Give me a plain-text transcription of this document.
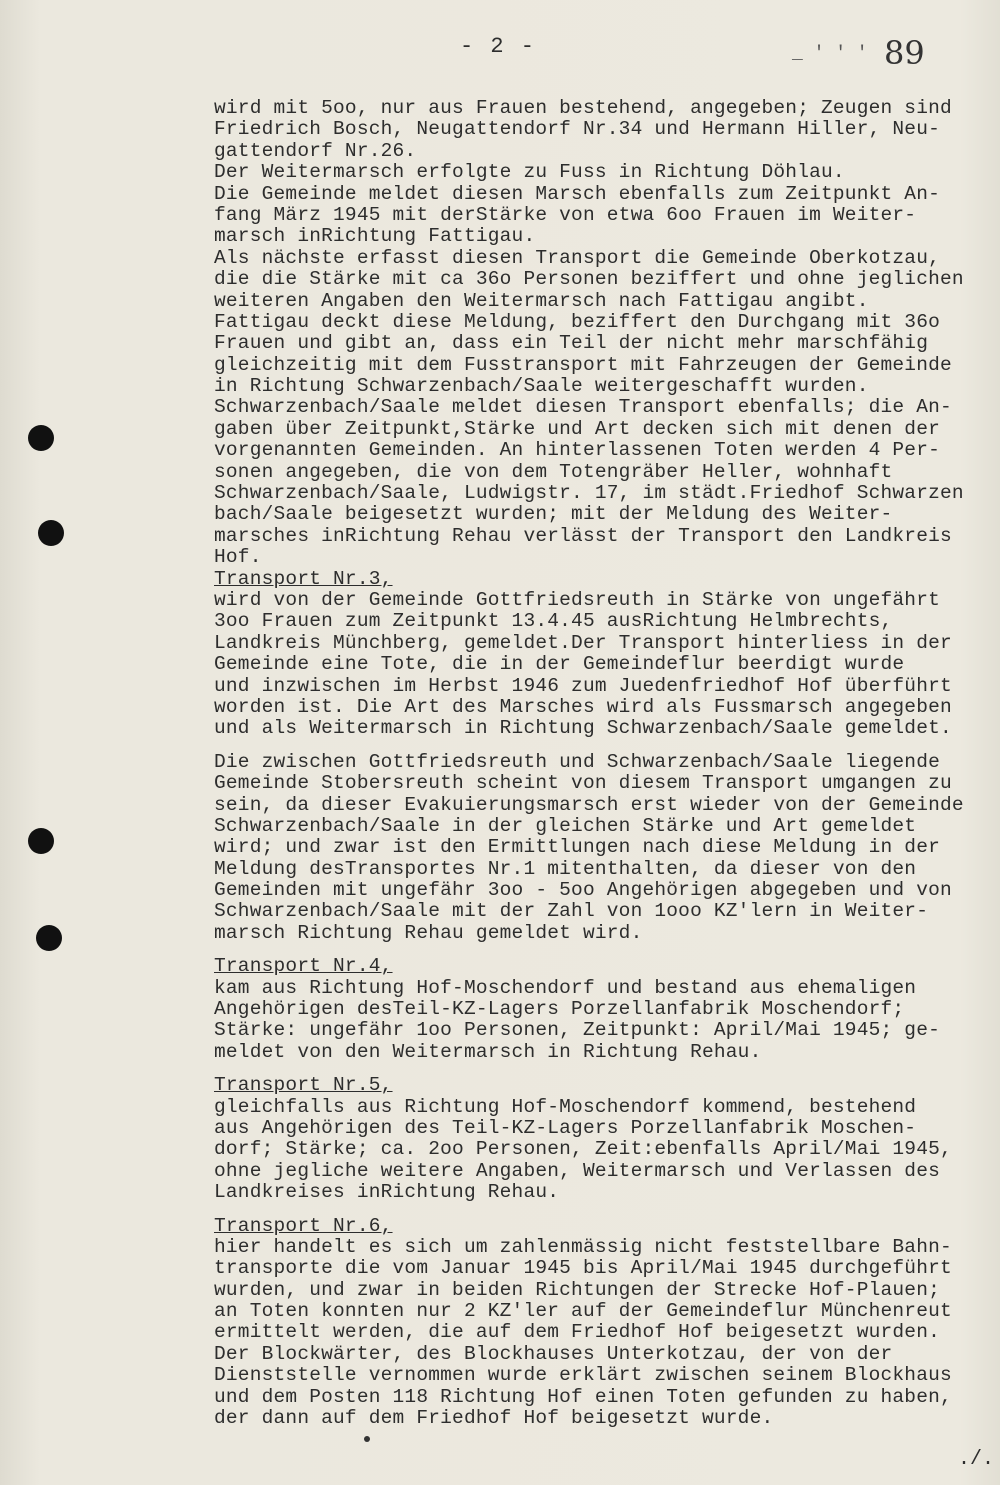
- 2 -	_ ' ' ' 89
wird mit 5oo, nur aus Frauen bestehend, angegeben; Zeugen sind
Friedrich Bosch, Neugattendorf Nr.34 und Hermann Hiller, Neu-
gattendorf Nr.26.
Der Weitermarsch erfolgte zu Fuss in Richtung Döhlau.
Die Gemeinde meldet diesen Marsch ebenfalls zum Zeitpunkt An-
fang März 1945 mit derStärke von etwa 6oo Frauen im Weiter-
marsch inRichtung Fattigau.
Als nächste erfasst diesen Transport die Gemeinde Oberkotzau,
die die Stärke mit ca 36o Personen beziffert und ohne jeglichen
weiteren Angaben den Weitermarsch nach Fattigau angibt.
Fattigau deckt diese Meldung, beziffert den Durchgang mit 36o
Frauen und gibt an, dass ein Teil der nicht mehr marschfähig
gleichzeitig mit dem Fusstransport mit Fahrzeugen der Gemeinde
in Richtung Schwarzenbach/Saale weitergeschafft wurden.
Schwarzenbach/Saale meldet diesen Transport ebenfalls; die An-
gaben über Zeitpunkt,Stärke und Art decken sich mit denen der
vorgenannten Gemeinden. An hinterlassenen Toten werden 4 Per-
sonen angegeben, die von dem Totengräber Heller, wohnhaft
Schwarzenbach/Saale, Ludwigstr. 17, im städt.Friedhof Schwarzen
bach/Saale beigesetzt wurden; mit der Meldung des Weiter-
marsches inRichtung Rehau verlässt der Transport den Landkreis
Hof.
Transport Nr.3,
wird von der Gemeinde Gottfriedsreuth in Stärke von ungefährt
3oo Frauen zum Zeitpunkt 13.4.45 ausRichtung Helmbrechts,
Landkreis Münchberg, gemeldet.Der Transport hinterliess in der
Gemeinde eine Tote, die in der Gemeindeflur beerdigt wurde
und inzwischen im Herbst 1946 zum Juedenfriedhof Hof überführt
worden ist. Die Art des Marsches wird als Fussmarsch angegeben
und als Weitermarsch in Richtung Schwarzenbach/Saale gemeldet.
Die zwischen Gottfriedsreuth und Schwarzenbach/Saale liegende
Gemeinde Stobersreuth scheint von diesem Transport umgangen zu
sein, da dieser Evakuierungsmarsch erst wieder von der Gemeinde
Schwarzenbach/Saale in der gleichen Stärke und Art gemeldet
wird; und zwar ist den Ermittlungen nach diese Meldung in der
Meldung desTransportes Nr.1 mitenthalten, da dieser von den
Gemeinden mit ungefähr 3oo - 5oo Angehörigen abgegeben und von
Schwarzenbach/Saale mit der Zahl von 1ooo KZ'lern in Weiter-
marsch Richtung Rehau gemeldet wird.
Transport Nr.4,
kam aus Richtung Hof-Moschendorf und bestand aus ehemaligen
Angehörigen desTeil-KZ-Lagers Porzellanfabrik Moschendorf;
Stärke: ungefähr 1oo Personen, Zeitpunkt: April/Mai 1945; ge-
meldet von den Weitermarsch in Richtung Rehau.
Transport Nr.5,
gleichfalls aus Richtung Hof-Moschendorf kommend, bestehend
aus Angehörigen des Teil-KZ-Lagers Porzellanfabrik Moschen-
dorf; Stärke; ca. 2oo Personen, Zeit:ebenfalls April/Mai 1945,
ohne jegliche weitere Angaben, Weitermarsch und Verlassen des
Landkreises inRichtung Rehau.
Transport Nr.6,
hier handelt es sich um zahlenmässig nicht feststellbare Bahn-
transporte die vom Januar 1945 bis April/Mai 1945 durchgeführt
wurden, und zwar in beiden Richtungen der Strecke Hof-Plauen;
an Toten konnten nur 2 KZ'ler auf der Gemeindeflur Münchenreut
ermittelt werden, die auf dem Friedhof Hof beigesetzt wurden.
Der Blockwärter, des Blockhauses Unterkotzau, der von der
Dienststelle vernommen wurde erklärt zwischen seinem Blockhaus
und dem Posten 118 Richtung Hof einen Toten gefunden zu haben,
der dann auf dem Friedhof Hof beigesetzt wurde.
./.
